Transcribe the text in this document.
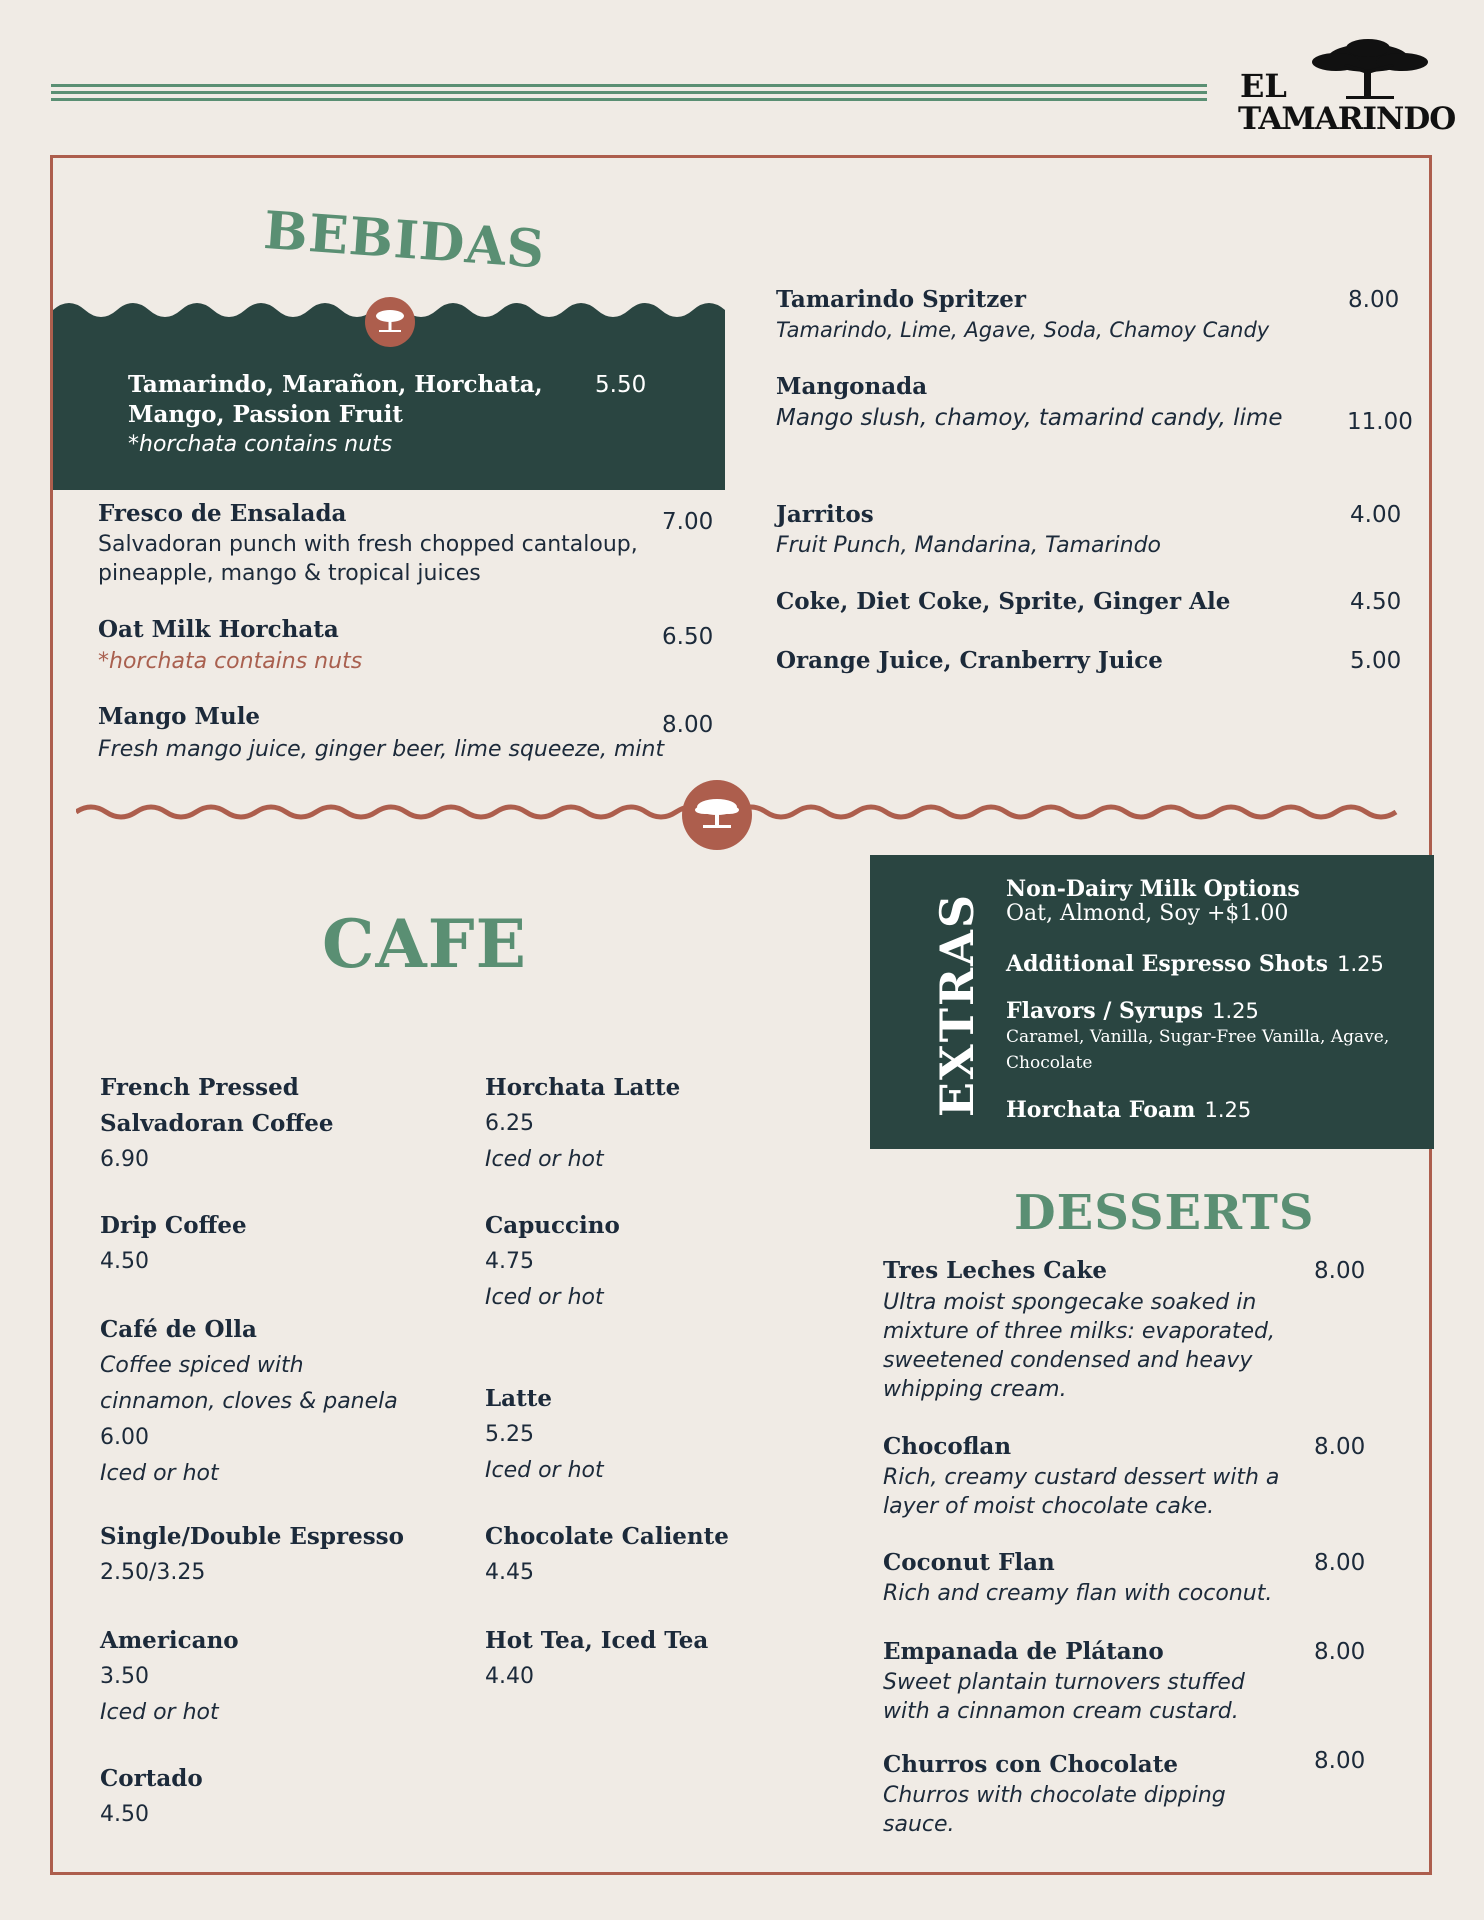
EL
TAMARINDO
BEBIDAS
Tamarindo, Marañon, Horchata, Mango, Passion Fruit
5.50
*horchata contains nuts
Fresco de Ensalada	7.00
Salvadoran punch with fresh chopped cantaloup, pineapple, mango & tropical juices
Oat Milk Horchata	6.50
*horchata contains nuts
Mango Mule	8.00
Fresh mango juice, ginger beer, lime squeeze, mint
Tamarindo Spritzer	8.00
Tamarindo, Lime, Agave, Soda, Chamoy Candy
Mangonada
Mango slush, chamoy, tamarind candy, lime	11.00
Jarritos	4.00
Fruit Punch, Mandarina, Tamarindo
Coke, Diet Coke, Sprite, Ginger Ale	4.50
Orange Juice, Cranberry Juice	5.00
CAFE
French Pressed Salvadoran Coffee
6.90
Drip Coffee
4.50
Café de Olla
Coffee spiced with cinnamon, cloves & panela
6.00
Iced or hot
Single/Double Espresso
2.50/3.25
Americano
3.50
Iced or hot
Cortado
4.50
Horchata Latte
6.25
Iced or hot
Capuccino
4.75
Iced or hot
Latte
5.25
Iced or hot
Chocolate Caliente
4.45
Hot Tea, Iced Tea
4.40
EXTRAS
Non-Dairy Milk Options
Oat, Almond, Soy +$1.00
Additional Espresso Shots 1.25
Flavors / Syrups 1.25
Caramel, Vanilla, Sugar-Free Vanilla, Agave, Chocolate
Horchata Foam 1.25
DESSERTS
Tres Leches Cake	8.00
Ultra moist spongecake soaked in mixture of three milks: evaporated, sweetened condensed and heavy whipping cream.
Chocoflan	8.00
Rich, creamy custard dessert with a layer of moist chocolate cake.
Coconut Flan	8.00
Rich and creamy flan with coconut.
Empanada de Plátano	8.00
Sweet plantain turnovers stuffed with a cinnamon cream custard.
Churros con Chocolate	8.00
Churros with chocolate dipping sauce.
